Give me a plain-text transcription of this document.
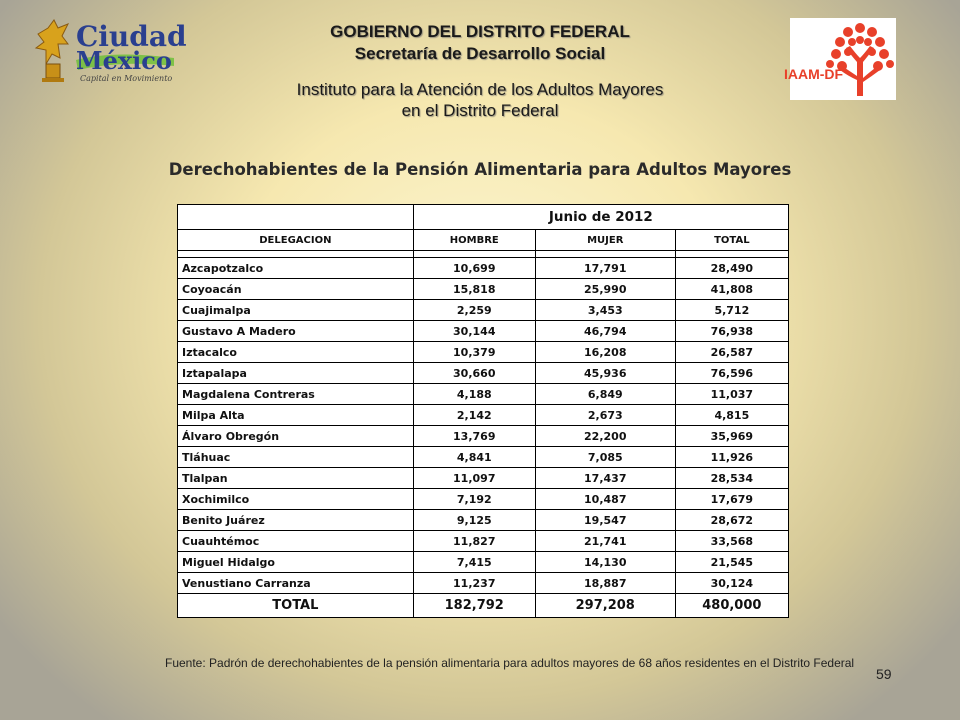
Ciudad
México
Capital en Movimiento
GOBIERNO DEL DISTRITO FEDERAL
Secretaría de Desarrollo Social
Instituto para la Atención de los Adultos Mayores
en el Distrito Federal
IAAM-DF
Derechohabientes de la Pensión Alimentaria para Adultos Mayores
	Junio de 2012		
DELEGACION	HOMBRE	MUJER	TOTAL

Azcapotzalco	10,699	17,791	28,490
Coyoacán	15,818	25,990	41,808
Cuajimalpa	2,259	3,453	5,712
Gustavo A Madero	30,144	46,794	76,938
Iztacalco	10,379	16,208	26,587
Iztapalapa	30,660	45,936	76,596
Magdalena Contreras	4,188	6,849	11,037
Milpa Alta	2,142	2,673	4,815
Álvaro Obregón	13,769	22,200	35,969
Tláhuac	4,841	7,085	11,926
Tlalpan	11,097	17,437	28,534
Xochimilco	7,192	10,487	17,679
Benito Juárez	9,125	19,547	28,672
Cuauhtémoc	11,827	21,741	33,568
Miguel Hidalgo	7,415	14,130	21,545
Venustiano Carranza	11,237	18,887	30,124
TOTAL	182,792	297,208	480,000
Fuente: Padrón de derechohabientes de la pensión alimentaria para adultos mayores de 68 años residentes en el Distrito Federal
59
